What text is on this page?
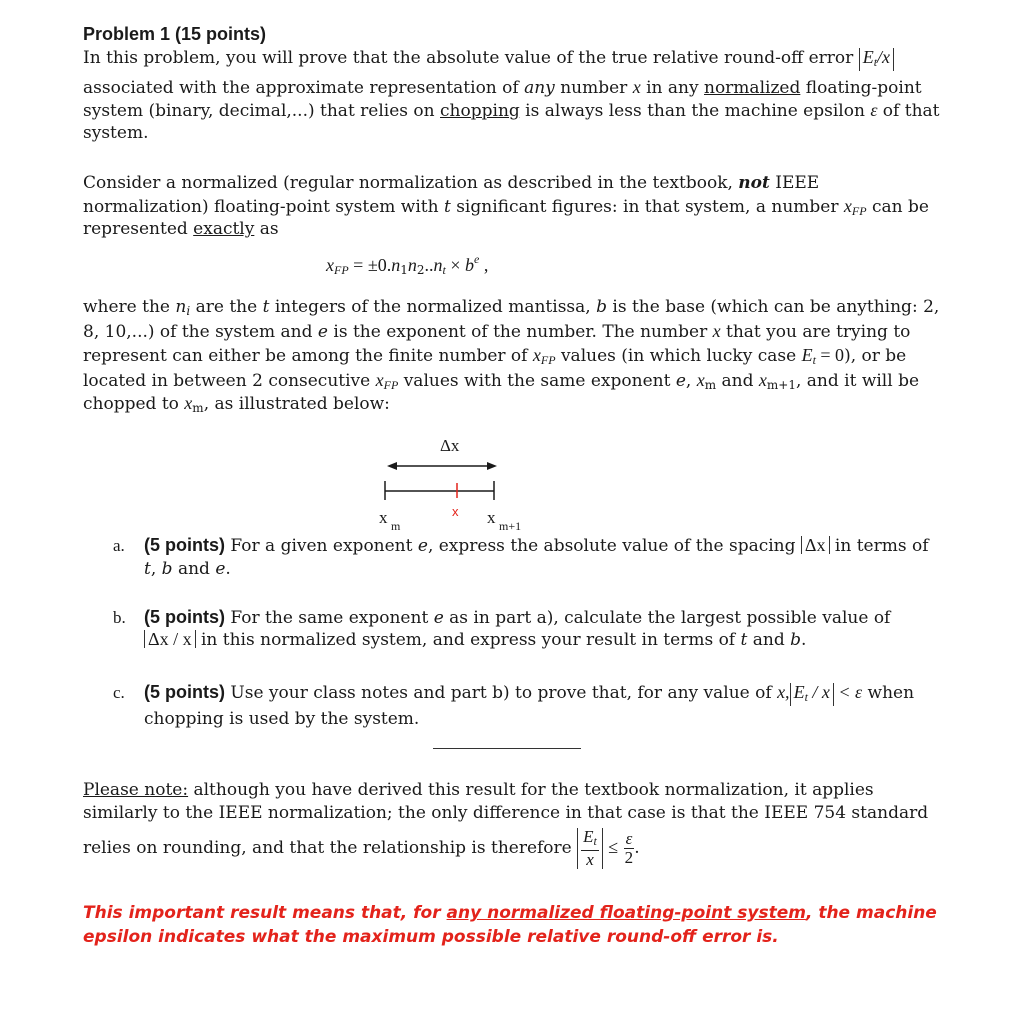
Problem 1 (15 points)
In this problem, you will prove that the absolute value of the true relative round-off error $E_t/x$
associated with the approximate representation of any number x in any normalized floating-point
system (binary, decimal,...) that relies on chopping is always less than the machine epsilon ε of that
system.
Consider a normalized (regular normalization as described in the textbook, not IEEE
normalization) floating-point system with t significant figures: in that system, a number $x_{FP}$ can be
represented exactly as
$x_{FP} = \pm 0.n_1n_2..n_t \times b^e$ ,
where the $n_i$ are the t integers of the normalized mantissa, b is the base (which can be anything: 2,
8, 10,...) of the system and e is the exponent of the number. The number x that you are trying to
represent can either be among the finite number of $x_{FP}$ values (in which lucky case $E_t = 0$), or be
located in between 2 consecutive $x_{FP}$ values with the same exponent e, $x_m$ and $x_{m+1}$, and it will be
chopped to $x_m$, as illustrated below:
Δx
x
x m	x m+1
a. (5 points) For a given exponent e, express the absolute value of the spacing Δx in terms of
t, b and e.
b. (5 points) For the same exponent e as in part a), calculate the largest possible value of
Δx / x in this normalized system, and express your result in terms of t and b.
c. (5 points) Use your class notes and part b) to prove that, for any value of x, $E_t / x < \varepsilon$ when
chopping is used by the system.
Please note: although you have derived this result for the textbook normalization, it applies
similarly to the IEEE normalization; the only difference in that case is that the IEEE 754 standard
relies on rounding, and that the relationship is therefore $\frac{E_t}{x} \le \frac{\varepsilon}{2}$ .
This important result means that, for any normalized floating-point system, the machine
epsilon indicates what the maximum possible relative round-off error is.
